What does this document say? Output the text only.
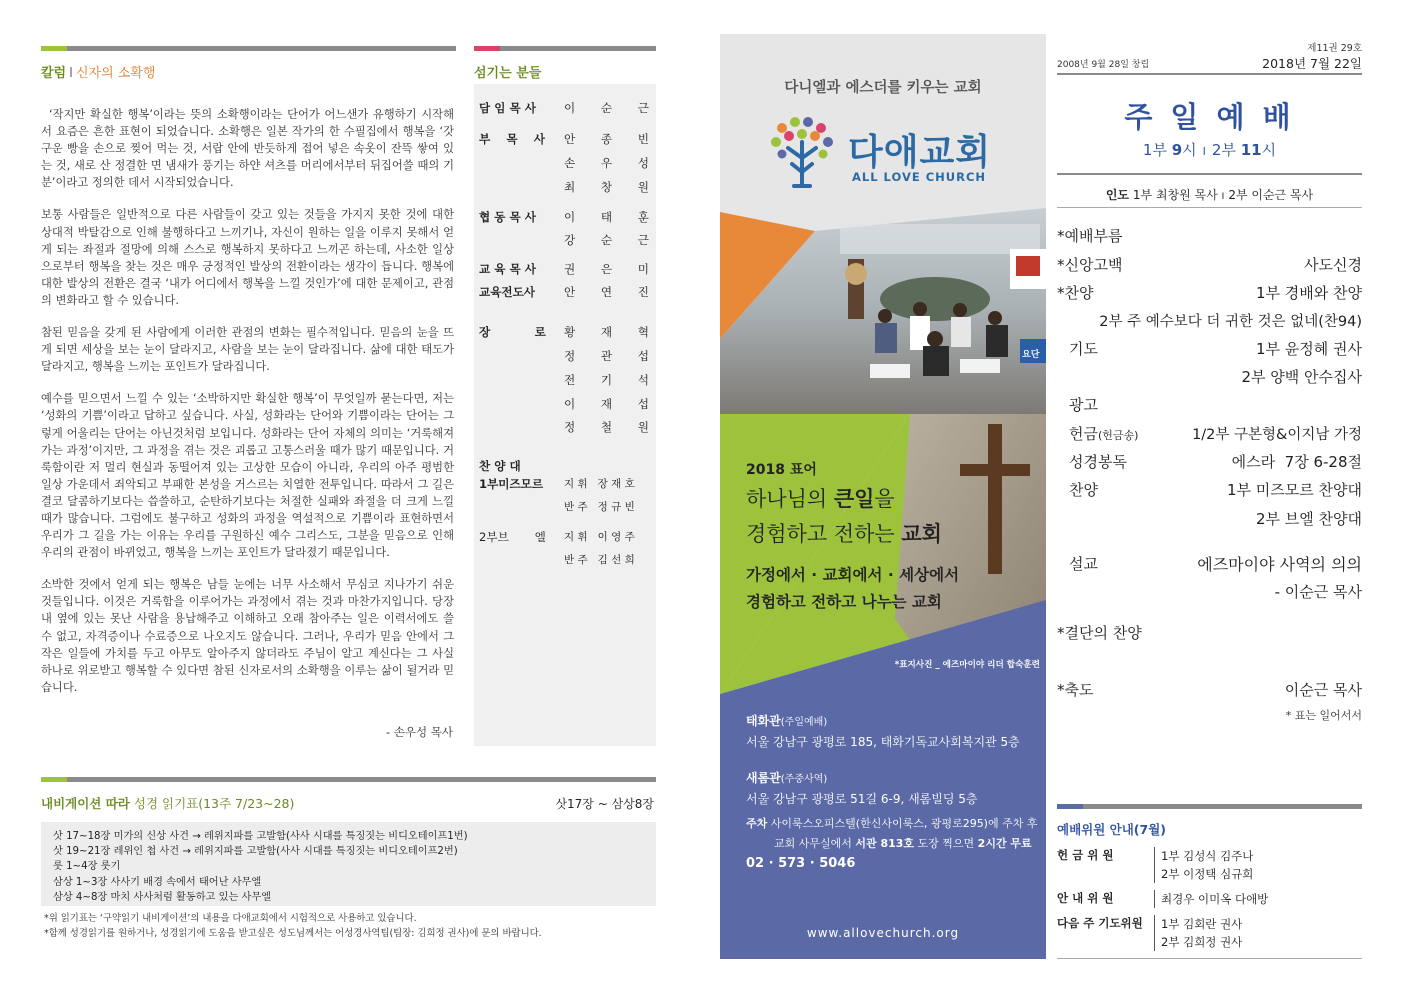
칼럼 I 신자의 소확행

‘작지만 확실한 행복’이라는 뜻의 소확행이라는 단어가 어느샌가 유행하기 시작해서 요즘은 흔한 표현이 되었습니다. 소확행은 일본 작가의 한 수필집에서 행복을 ‘갓 구운 빵을 손으로 찢어 먹는 것, 서랍 안에 반듯하게 접어 넣은 속옷이 잔뜩 쌓여 있는 것, 새로 산 정결한 면 냄새가 풍기는 하얀 셔츠를 머리에서부터 뒤집어쓸 때의 기분’이라고 정의한 데서 시작되었습니다.

보통 사람들은 일반적으로 다른 사람들이 갖고 있는 것들을 가지지 못한 것에 대한 상대적 박탈감으로 인해 불행하다고 느끼기나, 자신이 원하는 일을 이루지 못해서 얻게 되는 좌절과 절망에 의해 스스로 행복하지 못하다고 느끼곤 하는데, 사소한 일상으로부터 행복을 찾는 것은 매우 긍정적인 발상의 전환이라는 생각이 듭니다. 행복에 대한 발상의 전환은 결국 ‘내가 어디에서 행복을 느낄 것인가’에 대한 문제이고, 관점의 변화라고 할 수 있습니다.

참된 믿음을 갖게 된 사람에게 이러한 관점의 변화는 필수적입니다. 믿음의 눈을 뜨게 되면 세상을 보는 눈이 달라지고, 사람을 보는 눈이 달라집니다. 삶에 대한 태도가 달라지고, 행복을 느끼는 포인트가 달라집니다.

예수를 믿으면서 느낄 수 있는 ‘소박하지만 확실한 행복’이 무엇일까 묻는다면, 저는 ‘성화의 기쁨’이라고 답하고 싶습니다. 사실, 성화라는 단어와 기쁨이라는 단어는 그렇게 어울리는 단어는 아닌것처럼 보입니다. 성화라는 단어 자체의 의미는 ‘거룩해져가는 과정’이지만, 그 과정을 겪는 것은 괴롭고 고통스러울 때가 많기 때문입니다. 거룩함이란 저 멀리 현실과 동떨어져 있는 고상한 모습이 아니라, 우리의 아주 평범한 일상 가운데서 죄악되고 부패한 본성을 거스르는 치열한 전투입니다. 따라서 그 길은 결코 달콤하기보다는 씁쓸하고, 순탄하기보다는 처절한 실패와 좌절을 더 크게 느낄 때가 많습니다. 그럼에도 불구하고 성화의 과정을 역설적으로 기쁨이라 표현하면서 우리가 그 길을 가는 이유는 우리를 구원하신 예수 그리스도, 그분을 믿음으로 인해 우리의 관점이 바뀌었고, 행복을 느끼는 포인트가 달라졌기 때문입니다.

소박한 것에서 얻게 되는 행복은 남들 눈에는 너무 사소해서 무심코 지나가기 쉬운 것들입니다. 이것은 거룩함을 이루어가는 과정에서 겪는 것과 마찬가지입니다. 당장 내 옆에 있는 못난 사람을 용납해주고 이해하고 오래 참아주는 일은 이력서에도 쓸 수 없고, 자격증이나 수료증으로 나오지도 않습니다. 그러나, 우리가 믿음 안에서 그 작은 일들에 가치를 두고 아무도 알아주지 않더라도 주님이 알고 계신다는 그 사실 하나로 위로받고 행복할 수 있다면 참된 신자로서의 소확행을 이루는 삶이 될거라 믿습니다.

- 손우성 목사
내비게이션 따라 성경 읽기표(13주 7/23~28)	삿17장 ~ 삼상8장
삿 17~18장 미가의 신상 사건 → 레위지파를 고발함(사사 시대를 특징짓는 비디오테이프1번)
삿 19~21장 레위인 첩 사건 → 레위지파를 고발함(사사 시대를 특징짓는 비디오테이프2번)
룻 1~4장 룻기
삼상 1~3장 사사기 배경 속에서 태어난 사무엘
삼상 4~8장 마치 사사처럼 활동하고 있는 사무엘
*위 읽기표는 ‘구약읽기 내비게이션’의 내용을 다애교회에서 시험적으로 사용하고 있습니다.
*함께 성경읽기를 원하거나, 성경읽기에 도움을 받고싶은 성도님께서는 어성경사역팀(팀장: 김희정 권사)에 문의 바랍니다.
섬기는 분들
담 임 목 사	이 순 근
부    목    사	안 종 빈
손 우 성
최 창 원
협 동 목 사	이 태 훈
강 순 근
교 육 목 사	권 은 미
교육전도사	안 연 진
장           로	황 재 혁
정 관 섭
전 기 석
이 재 섭
정 철 원
찬 양 대
1부미즈모르	지 휘 장 재 호
반 주 정 규 빈
2부브       엘	지 휘 이 영 주
반 주 김 선 희
다니엘과 에스더를 키우는 교회
다애교회
ALL LOVE CHURCH
요단
2018 표어
하나님의 큰일을
경험하고 전하는 교회
가정에서 · 교회에서 · 세상에서
경험하고 전하고 나누는 교회
*표지사진 _ 에즈마이야 리더 합숙훈련
태화관(주일예배)
서울 강남구 광평로 185, 태화기독교사회복지관 5층
새롬관(주중사역)
서울 강남구 광평로 51길 6-9, 새롬빌딩 5층
주차 사이룩스오피스텔(한신사이룩스, 광평로295)에 주차 후
교회 사무실에서 서관 813호 도장 찍으면 2시간 무료
02 · 573 · 5046
www.allovechurch.org
2008년 9월 28일 창립
제11권 29호
2018년 7월 22일
주 일 예 배
1부 9시 I 2부 11시
인도 1부 최창원 목사 I 2부 이순근 목사
*예배부름
*신앙고백	사도신경
*찬양	1부 경배와 찬양
2부 주 예수보다 더 귀한 것은 없네(찬94)
기도	1부 윤정혜 권사
2부 양백 안수집사
광고
헌금(헌금송)	1/2부 구본형&이지남 가정
성경봉독	에스라  7장 6-28절
찬양	1부 미즈모르 찬양대
2부 브엘 찬양대
설교	에즈마이야 사역의 의의
- 이순근 목사
*결단의 찬양
*축도	이순근 목사
* 표는 일어서서
예배위원 안내(7월)
헌 금 위 원	1부 김성식 김주나
2부 이정택 심규희
안 내 위 원	최경우 이미옥 다애방
다음 주 기도위원 1부 김회란 권사
2부 김희정 권사
